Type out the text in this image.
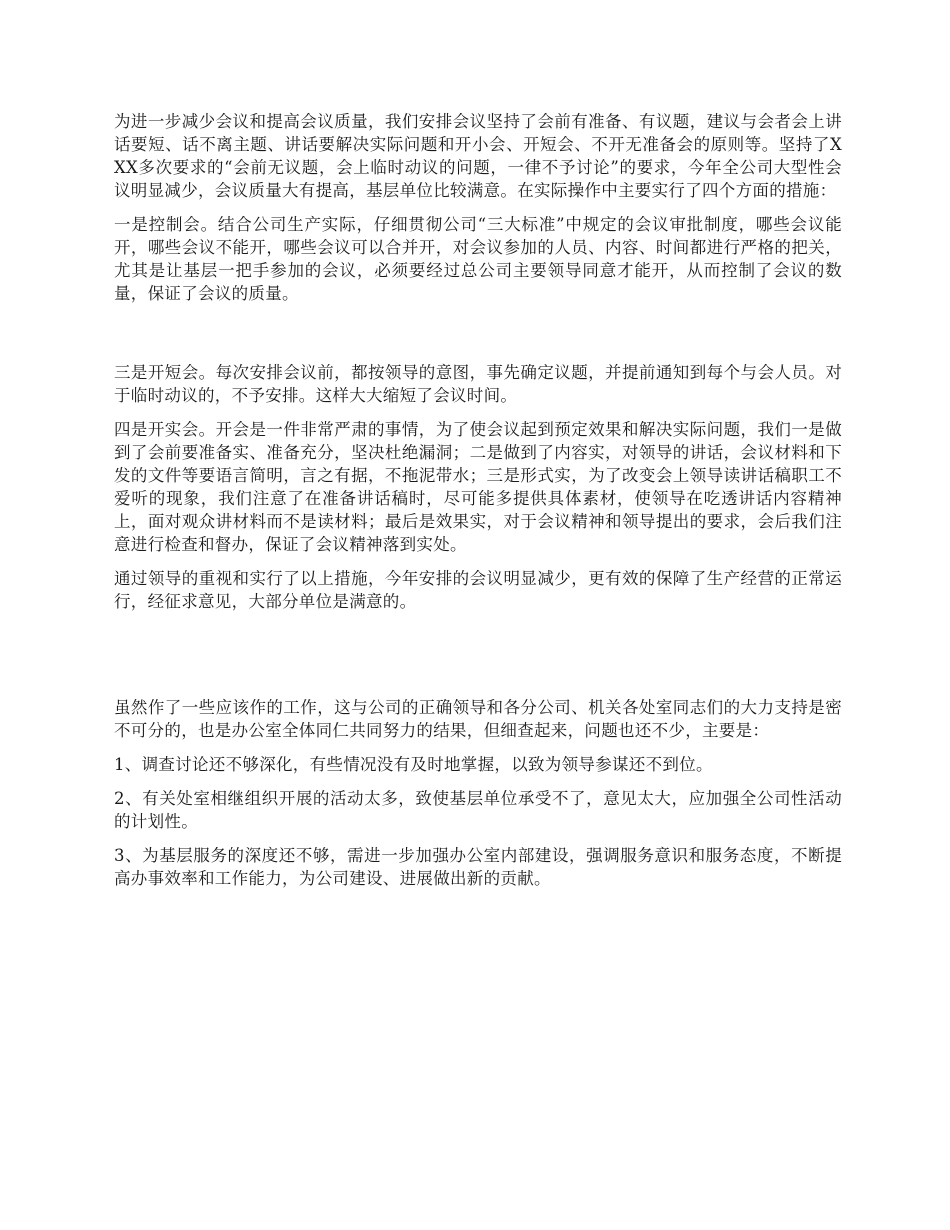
为进一步减少会议和提高会议质量，我们安排会议坚持了会前有准备、有议题，建议与会者会上讲话要短、话不离主题、讲话要解决实际问题和开小会、开短会、不开无准备会的原则等。坚持了XXX多次要求的“会前无议题，会上临时动议的问题，一律不予讨论”的要求，今年全公司大型性会议明显减少，会议质量大有提高，基层单位比较满意。在实际操作中主要实行了四个方面的措施：

一是控制会。结合公司生产实际，仔细贯彻公司“三大标准”中规定的会议审批制度，哪些会议能开，哪些会议不能开，哪些会议可以合并开，对会议参加的人员、内容、时间都进行严格的把关，尤其是让基层一把手参加的会议，必须要经过总公司主要领导同意才能开，从而控制了会议的数量，保证了会议的质量。

三是开短会。每次安排会议前，都按领导的意图，事先确定议题，并提前通知到每个与会人员。对于临时动议的，不予安排。这样大大缩短了会议时间。

四是开实会。开会是一件非常严肃的事情，为了使会议起到预定效果和解决实际问题，我们一是做到了会前要准备实、准备充分，坚决杜绝漏洞；二是做到了内容实，对领导的讲话，会议材料和下发的文件等要语言简明，言之有据，不拖泥带水；三是形式实，为了改变会上领导读讲话稿职工不爱听的现象，我们注意了在准备讲话稿时，尽可能多提供具体素材，使领导在吃透讲话内容精神上，面对观众讲材料而不是读材料；最后是效果实，对于会议精神和领导提出的要求，会后我们注意进行检查和督办，保证了会议精神落到实处。

通过领导的重视和实行了以上措施，今年安排的会议明显减少，更有效的保障了生产经营的正常运行，经征求意见，大部分单位是满意的。

虽然作了一些应该作的工作，这与公司的正确领导和各分公司、机关各处室同志们的大力支持是密不可分的，也是办公室全体同仁共同努力的结果，但细查起来，问题也还不少，主要是：

1、调查讨论还不够深化，有些情况没有及时地掌握，以致为领导参谋还不到位。

2、有关处室相继组织开展的活动太多，致使基层单位承受不了，意见太大，应加强全公司性活动的计划性。

3、为基层服务的深度还不够，需进一步加强办公室内部建设，强调服务意识和服务态度，不断提高办事效率和工作能力，为公司建设、进展做出新的贡献。
